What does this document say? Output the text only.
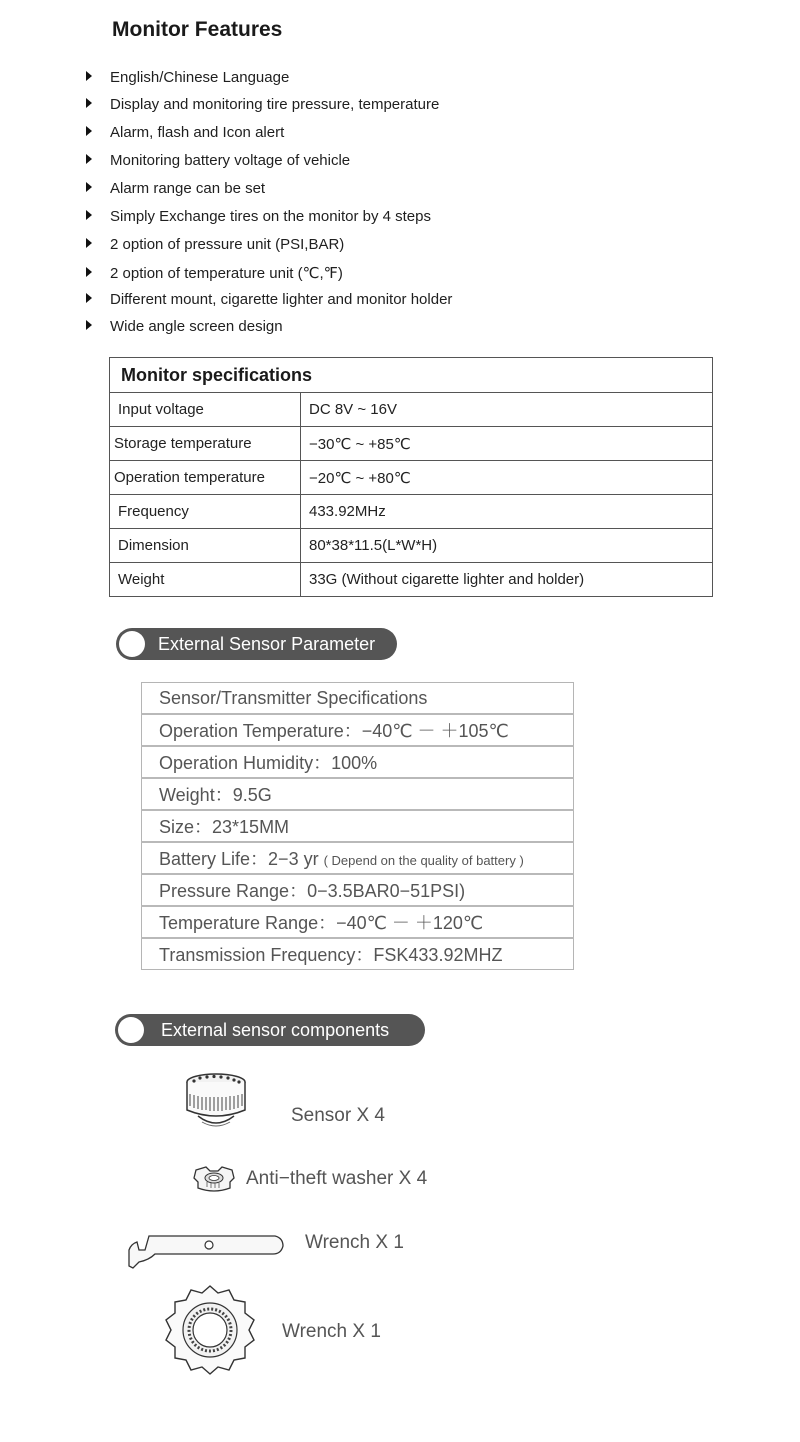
Monitor Features
English/Chinese Language
Display and monitoring tire pressure, temperature
Alarm, flash and Icon alert
Monitoring battery voltage of vehicle
Alarm range can be set
Simply Exchange tires on the monitor by 4 steps
2 option of pressure unit (PSI,BAR)
2 option of temperature unit (℃,℉)
Different mount, cigarette lighter and monitor holder
Wide angle screen design
Monitor specifications	
Input voltage	DC 8V ~ 16V
Storage temperature	−30℃ ~ +85℃
Operation temperature	−20℃ ~ +80℃
Frequency	433.92MHz
Dimension	80*38*11.5(L*W*H)
Weight	33G (Without cigarette lighter and holder)
External Sensor Parameter
Sensor/Transmitter Specifications
Operation Temperature：−40℃ － ＋105℃
Operation Humidity：100%
Weight：9.5G
Size：23*15MM
Battery Life：2−3 yr ( Depend on the quality of battery )
Pressure Range：0−3.5BAR0−51PSI)
Temperature Range：−40℃ － ＋120℃
Transmission Frequency：FSK433.92MHZ
External sensor components
Sensor X 4
Anti−theft washer X 4
Wrench X 1
Wrench X 1
